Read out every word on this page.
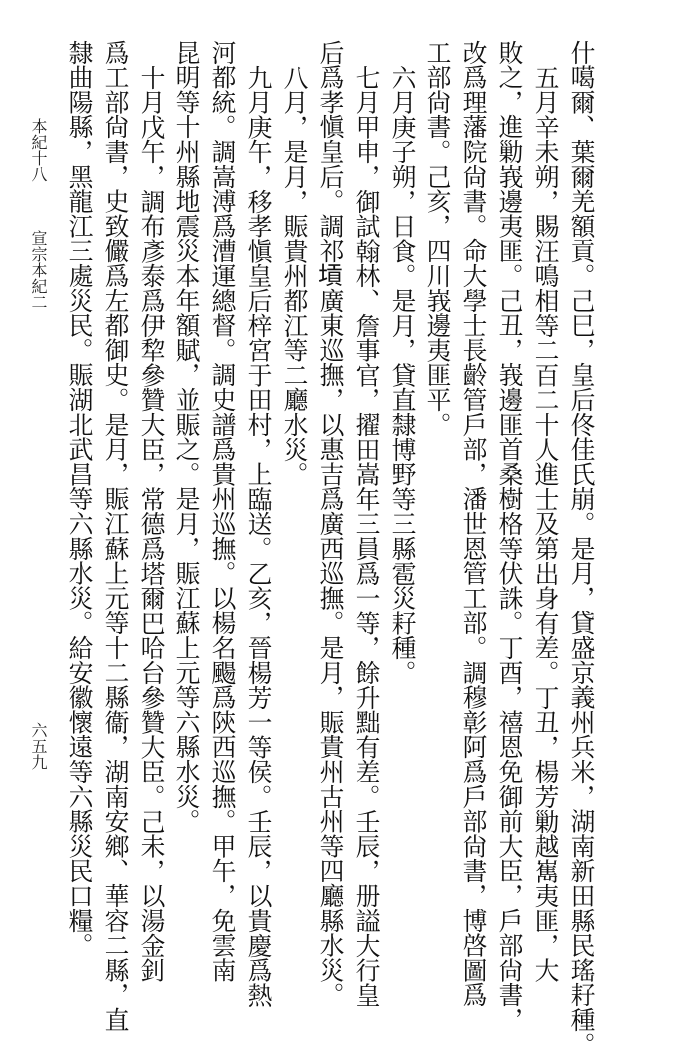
什噶爾、葉爾羌額貢。己巳，皇后佟佳氏崩。是月，貸盛京義州兵米，湖南新田縣民瑤耔種。
五月辛未朔，賜汪鳴相等二百二十人進士及第出身有差。丁丑，楊芳勦越嶲夷匪，大
敗之，進勦峩邊夷匪。己丑，峩邊匪首桑樹格等伏誅。丁酉，禧恩免御前大臣，戶部尙書，
改爲理藩院尙書。命大學士長齡管戶部，潘世恩管工部。調穆彰阿爲戶部尙書，博啓圖爲
工部尙書。己亥，四川峩邊夷匪平。
六月庚子朔，日食。是月，貸直隸博野等三縣雹災耔種。
七月甲申，御試翰林、詹事官，擢田嵩年三員爲一等，餘升黜有差。壬辰，册謚大行皇
后爲孝愼皇后。調祁𡎴廣東巡撫，以惠吉爲廣西巡撫。是月，賑貴州古州等四廳縣水災。
八月，是月，賑貴州都江等二廳水災。
九月庚午，移孝愼皇后梓宮于田村，上臨送。乙亥，晉楊芳一等侯。壬辰，以貴慶爲熱
河都統。調嵩溥爲漕運總督。調史譜爲貴州巡撫。以楊名颺爲陝西巡撫。甲午，免雲南
昆明等十州縣地震災本年額賦，並賑之。是月，賑江蘇上元等六縣水災。
十月戊午，調布彥泰爲伊犂參贊大臣，常德爲塔爾巴哈台參贊大臣。己未，以湯金釗
爲工部尙書，史致儼爲左都御史。是月，賑江蘇上元等十二縣衞，湖南安鄉、華容二縣，直
隸曲陽縣，黑龍江三處災民。賑湖北武昌等六縣水災。給安徽懷遠等六縣災民口糧。
本紀十八
宣宗本紀二
六五九
